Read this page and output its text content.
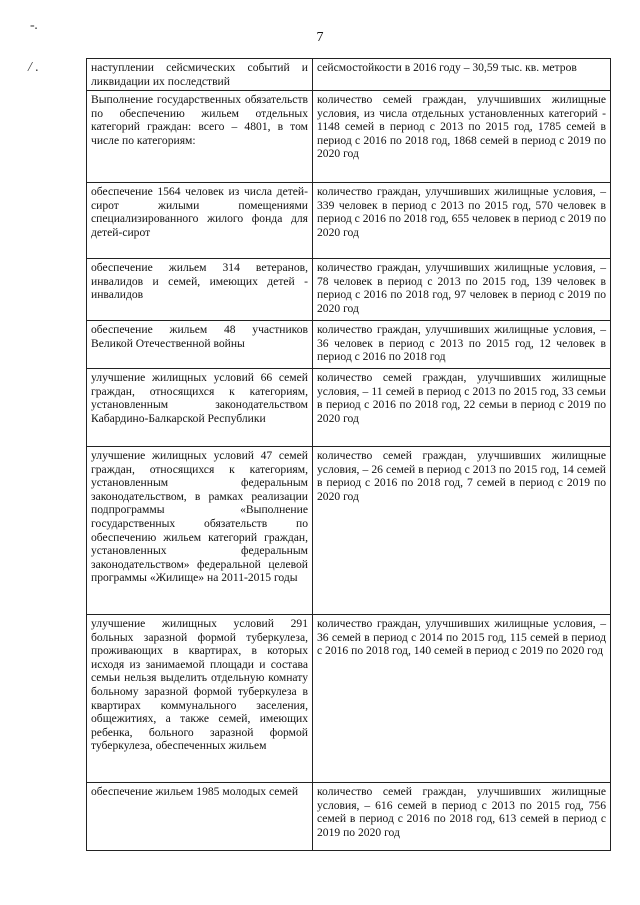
7
-.
/ .	наступлении сейсмических событий и ликвидации их последствий	сейсмостойкости в 2016 году – 30,59 тыс. кв. метров
Выполнение государственных обязательств по обеспечению жильем отдельных категорий граждан: всего – 4801, в том числе по категориям:	количество семей граждан, улучшивших жилищные условия, из числа отдельных установленных категорий - 1148 семей в период с 2013 по 2015 год, 1785 семей в период с 2016 по 2018 год, 1868 семей в период с 2019 по 2020 год
обеспечение 1564 человек из числа детей-сирот жилыми помещениями специализированного жилого фонда для детей-сирот	количество граждан, улучшивших жилищные условия, – 339 человек в период с 2013 по 2015 год, 570 человек в период с 2016 по 2018 год, 655 человек в период с 2019 по 2020 год
обеспечение жильем 314 ветеранов, инвалидов и семей, имеющих детей - инвалидов	количество граждан, улучшивших жилищные условия, – 78 человек в период с 2013 по 2015 год, 139 человек в период с 2016 по 2018 год, 97 человек в период с 2019 по 2020 год
обеспечение жильем 48 участников Великой Отечественной войны	количество граждан, улучшивших жилищные условия, – 36 человек в период с 2013 по 2015 год, 12 человек в период с 2016 по 2018 год
улучшение жилищных условий 66 семей граждан, относящихся к категориям, установленным законодательством Кабардино-Балкарской Республики	количество семей граждан, улучшивших жилищные условия, – 11 семей в период с 2013 по 2015 год, 33 семьи в период с 2016 по 2018 год, 22 семьи в период с 2019 по 2020 год
улучшение жилищных условий 47 семей граждан, относящихся к категориям, установленным федеральным законодательством, в рамках реализации подпрограммы «Выполнение государственных обязательств по обеспечению жильем категорий граждан, установленных федеральным законодательством» федеральной целевой программы «Жилище» на 2011-2015 годы	количество семей граждан, улучшивших жилищные условия, – 26 семей в период с 2013 по 2015 год, 14 семей в период с 2016 по 2018 год, 7 семей в период с 2019 по 2020 год
улучшение жилищных условий 291 больных заразной формой туберкулеза, проживающих в квартирах, в которых исходя из занимаемой площади и состава семьи нельзя выделить отдельную комнату больному заразной формой туберкулеза в квартирах коммунального заселения, общежитиях, а также семей, имеющих ребенка, больного заразной формой туберкулеза, обеспеченных жильем	количество граждан, улучшивших жилищные условия, – 36 семей в период с 2014 по 2015 год, 115 семей в период с 2016 по 2018 год, 140 семей в период с 2019 по 2020 год
обеспечение жильем 1985 молодых семей	количество семей граждан, улучшивших жилищные условия, – 616 семей в период с 2013 по 2015 год, 756 семей в период с 2016 по 2018 год, 613 семей в период с 2019 по 2020 год
